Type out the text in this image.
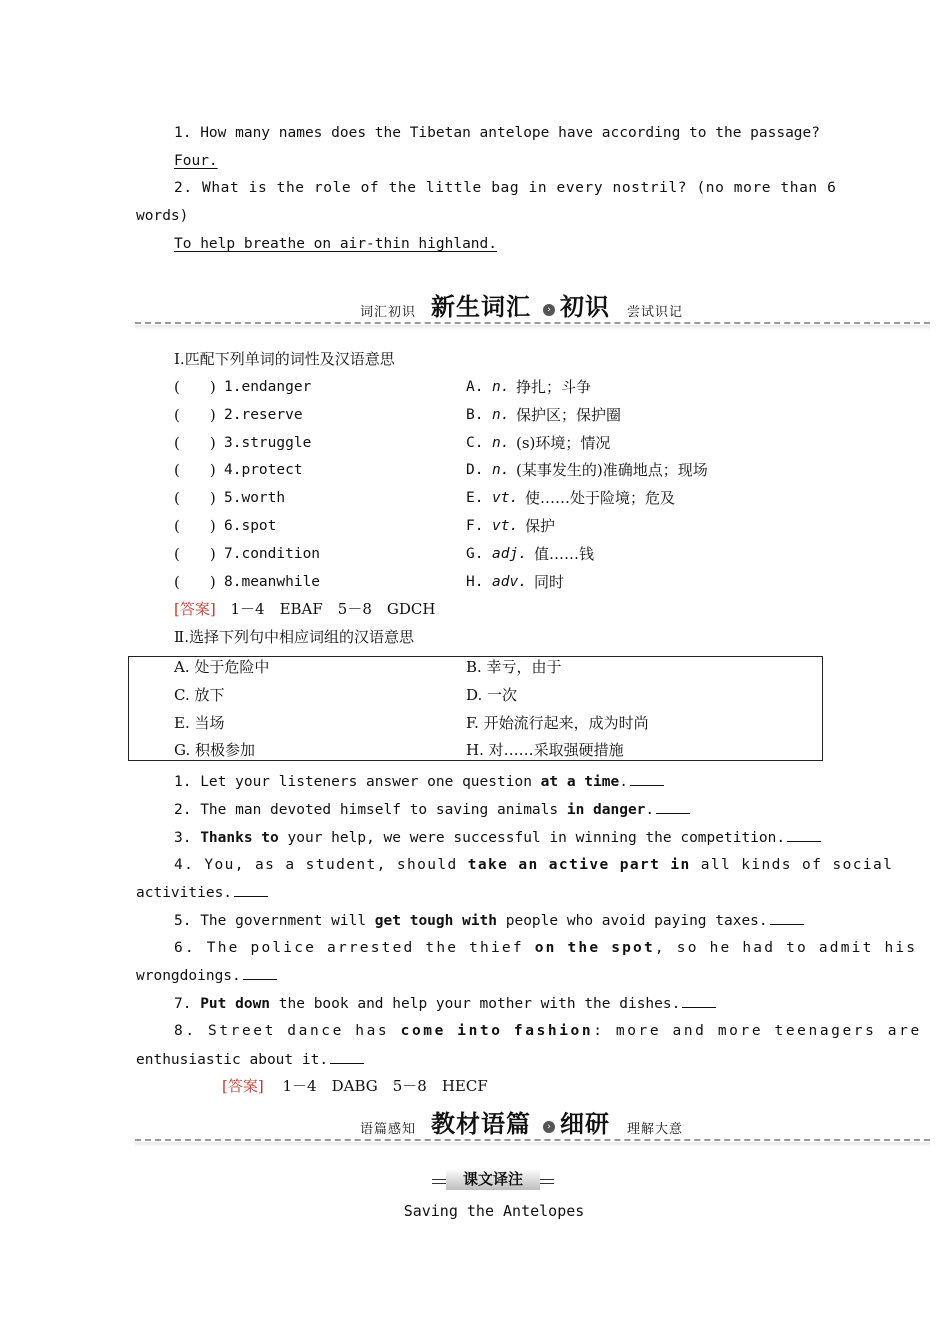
1. How many names does the Tibetan antelope have according to the passage?
Four.
2. What is the role of the little bag in every nostril? (no more than 6
words)
To help breathe on air-thin highland.
词汇初识 新生词汇	› 初识 尝试识记
Ⅰ.匹配下列单词的词性及汉语意思
(　　) 1.endanger	A. n. 挣扎；斗争
(　　) 2.reserve	B. n. 保护区；保护圈
(　　) 3.struggle	C. n. (s)环境；情况
(　　) 4.protect	D. n. (某事发生的)准确地点；现场
(　　) 5.worth	E. vt. 使……处于险境；危及
(　　) 6.spot	F. vt. 保护
(　　) 7.condition	G. adj. 值……钱
(　　) 8.meanwhile	H. adv. 同时
[答案] 1－4　EBAF　5－8　GDCH
Ⅱ.选择下列句中相应词组的汉语意思
A. 处于危险中	B. 幸亏，由于
C. 放下	D. 一次
E. 当场	F. 开始流行起来，成为时尚
G. 积极参加	H. 对……采取强硬措施
1. Let your listeners answer one question at a time.
2. The man devoted himself to saving animals in danger.
3. Thanks to your help, we were successful in winning the competition.
4. You, as a student, should take an active part in all kinds of social
activities.
5. The government will get tough with people who avoid paying taxes.
6. The police arrested the thief on the spot, so he had to admit his
wrongdoings.
7. Put down the book and help your mother with the dishes.
8. Street dance has come into fashion: more and more teenagers are
enthusiastic about it.
[答案] 1－4　DABG　5－8　HECF
语篇感知 教材语篇	› 细研 理解大意
课文译注
Saving the Antelopes
